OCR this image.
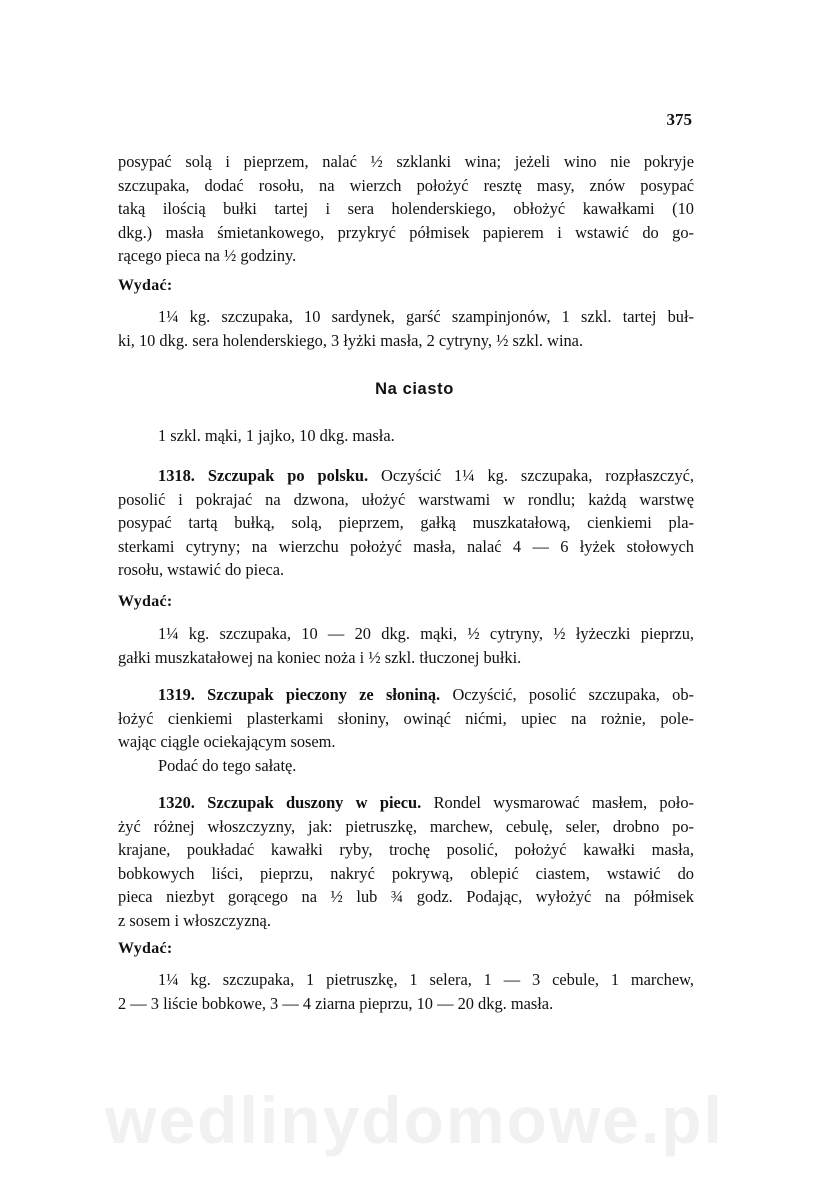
375
posypać solą i pieprzem, nalać ½ szklanki wina; jeżeli wino nie pokryje
szczupaka, dodać rosołu, na wierzch położyć resztę masy, znów posypać
taką ilością bułki tartej i sera holenderskiego, obłożyć kawałkami (10
dkg.) masła śmietankowego, przykryć półmisek papierem i wstawić do go-
rącego pieca na ½ godziny.
Wydać:
1¼ kg. szczupaka, 10 sardynek, garść szampinjonów, 1 szkl. tartej buł-
ki, 10 dkg. sera holenderskiego, 3 łyżki masła, 2 cytryny, ½ szkl. wina.
Na ciasto
1 szkl. mąki, 1 jajko, 10 dkg. masła.
1318. Szczupak po polsku. Oczyścić 1¼ kg. szczupaka, rozpłaszczyć,
posolić i pokrajać na dzwona, ułożyć warstwami w rondlu; każdą warstwę
posypać tartą bułką, solą, pieprzem, gałką muszkatałową, cienkiemi pla-
sterkami cytryny; na wierzchu położyć masła, nalać 4 — 6 łyżek stołowych
rosołu, wstawić do pieca.
Wydać:
1¼ kg. szczupaka, 10 — 20 dkg. mąki, ½ cytryny, ½ łyżeczki pieprzu,
gałki muszkatałowej na koniec noża i ½ szkl. tłuczonej bułki.
1319. Szczupak pieczony ze słoniną. Oczyścić, posolić szczupaka, ob-
łożyć cienkiemi plasterkami słoniny, owinąć nićmi, upiec na rożnie, pole-
wając ciągle ociekającym sosem.
Podać do tego sałatę.
1320. Szczupak duszony w piecu. Rondel wysmarować masłem, poło-
żyć różnej włoszczyzny, jak: pietruszkę, marchew, cebulę, seler, drobno po-
krajane, poukładać kawałki ryby, trochę posolić, położyć kawałki masła,
bobkowych liści, pieprzu, nakryć pokrywą, oblepić ciastem, wstawić do
pieca niezbyt gorącego na ½ lub ¾ godz. Podając, wyłożyć na półmisek
z sosem i włoszczyzną.
Wydać:
1¼ kg. szczupaka, 1 pietruszkę, 1 selera, 1 — 3 cebule, 1 marchew,
2 — 3 liście bobkowe, 3 — 4 ziarna pieprzu, 10 — 20 dkg. masła.
wedlinydomowe.pl
